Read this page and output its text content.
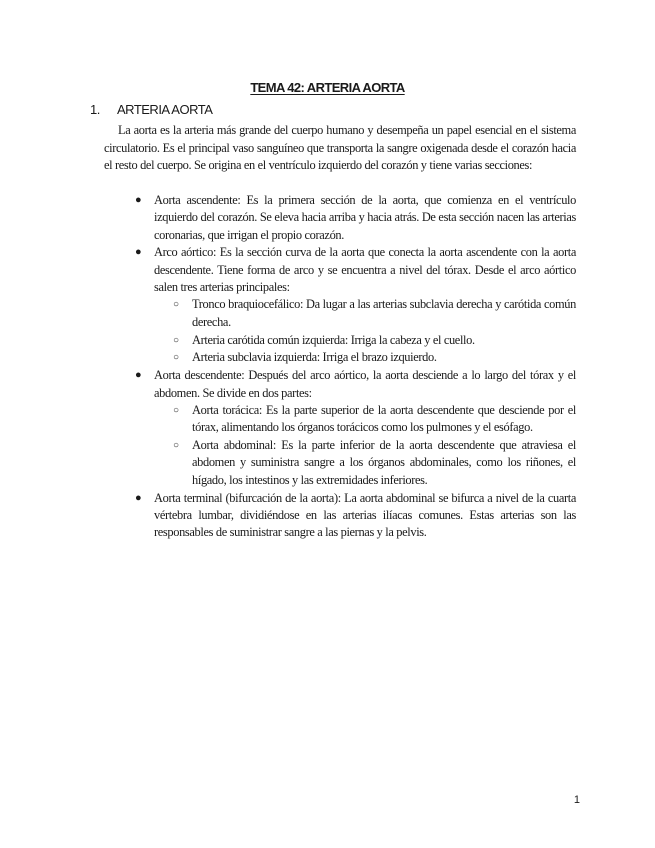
TEMA 42: ARTERIA AORTA
1.	ARTERIA AORTA

La aorta es la arteria más grande del cuerpo humano y desempeña un papel esencial en el sistema circulatorio. Es el principal vaso sanguíneo que transporta la sangre oxigenada desde el corazón hacia el resto del cuerpo. Se origina en el ventrículo izquierdo del corazón y tiene varias secciones:

● Aorta ascendente: Es la primera sección de la aorta, que comienza en el ventrículo izquierdo del corazón. Se eleva hacia arriba y hacia atrás. De esta sección nacen las arterias coronarias, que irrigan el propio corazón.
● Arco aórtico: Es la sección curva de la aorta que conecta la aorta ascendente con la aorta descendente. Tiene forma de arco y se encuentra a nivel del tórax. Desde el arco aórtico salen tres arterias principales:
○ Tronco braquiocefálico: Da lugar a las arterias subclavia derecha y carótida común derecha.
○ Arteria carótida común izquierda: Irriga la cabeza y el cuello.
○ Arteria subclavia izquierda: Irriga el brazo izquierdo.
● Aorta descendente: Después del arco aórtico, la aorta desciende a lo largo del tórax y el abdomen. Se divide en dos partes:
○ Aorta torácica: Es la parte superior de la aorta descendente que desciende por el tórax, alimentando los órganos torácicos como los pulmones y el esófago.
○ Aorta abdominal: Es la parte inferior de la aorta descendente que atraviesa el abdomen y suministra sangre a los órganos abdominales, como los riñones, el hígado, los intestinos y las extremidades inferiores.
● Aorta terminal (bifurcación de la aorta): La aorta abdominal se bifurca a nivel de la cuarta vértebra lumbar, dividiéndose en las arterias ilíacas comunes. Estas arterias son las responsables de suministrar sangre a las piernas y la pelvis.

1
